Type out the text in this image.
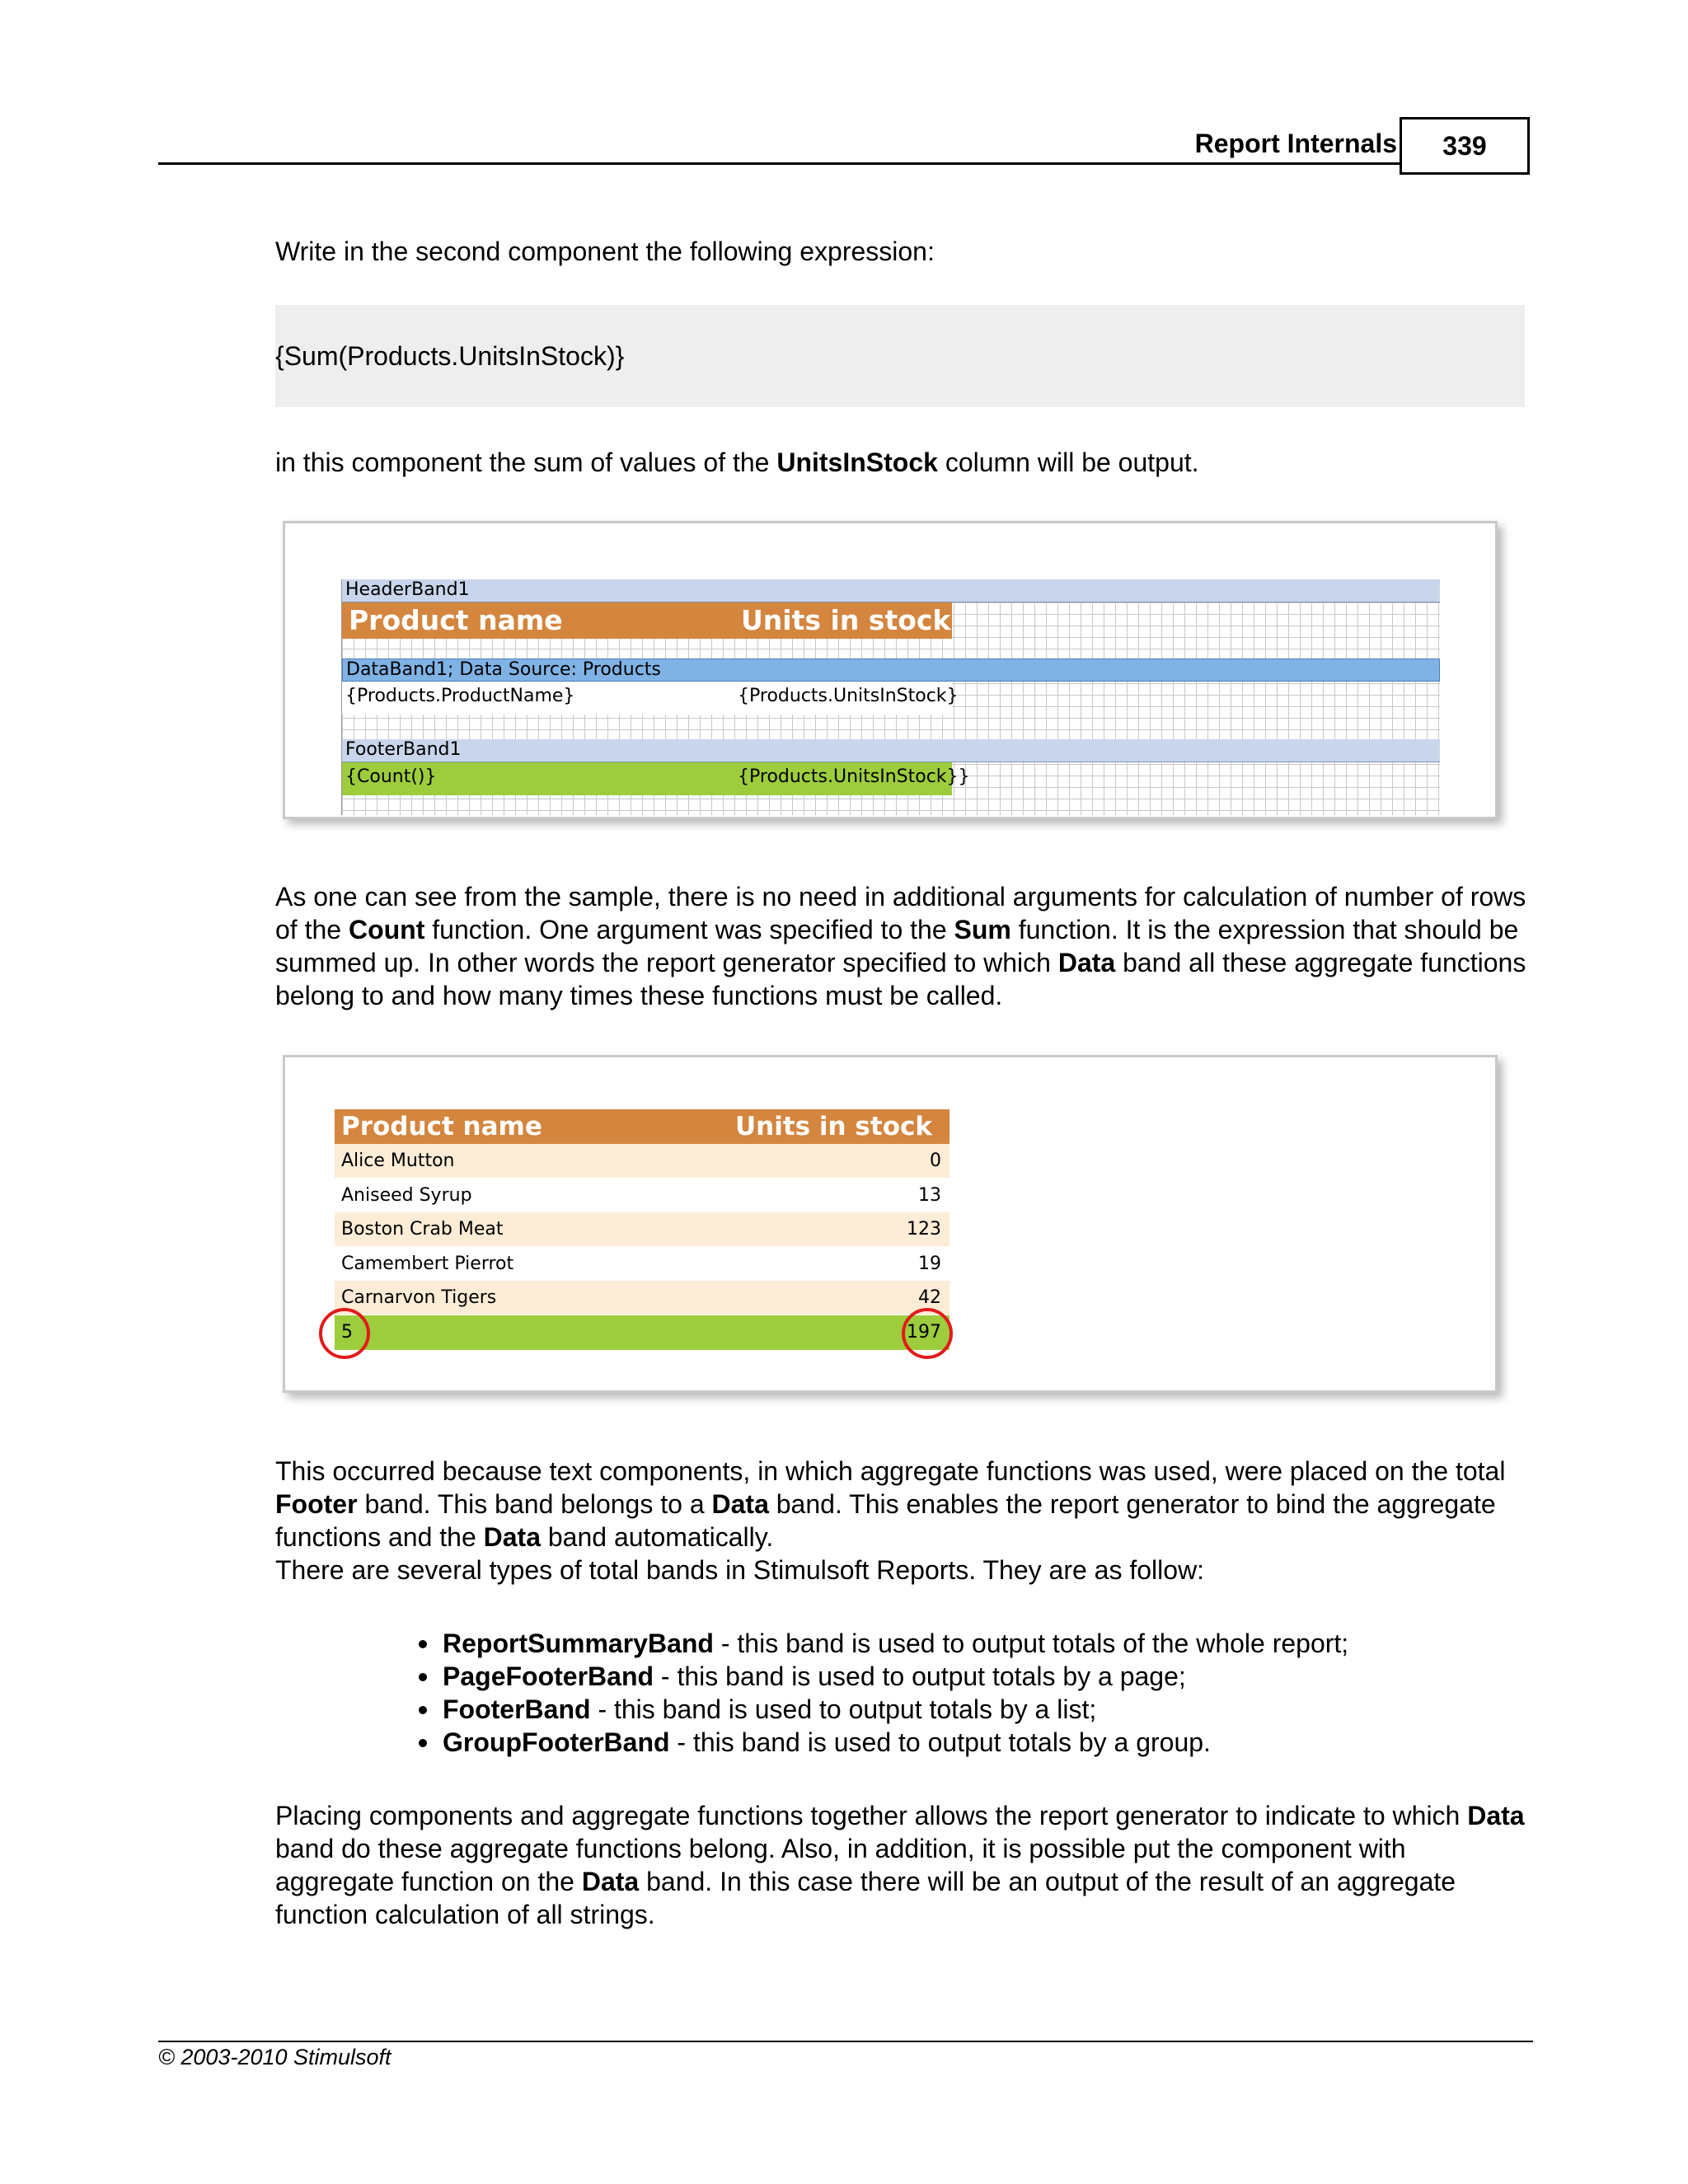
Report Internals	339
Write in the second component the following expression:
{Sum(Products.UnitsInStock)}
in this component the sum of values of the UnitsInStock column will be output.
HeaderBand1
Product name	Units in stock
DataBand1; Data Source: Products
{Products.ProductName}	{Products.UnitsInStock}
FooterBand1
{Count()}	{Products.UnitsInStock}}
As one can see from the sample, there is no need in additional arguments for calculation of number of rows of the Count function. One argument was specified to the Sum function. It is the expression that should be summed up. In other words the report generator specified to which Data band all these aggregate functions belong to and how many times these functions must be called.
Product name	Units in stock
Alice Mutton	0
Aniseed Syrup	13
Boston Crab Meat	123
Camembert Pierrot	19
Carnarvon Tigers	42
5	197
This occurred because text components, in which aggregate functions was used, were placed on the total Footer band. This band belongs to a Data band. This enables the report generator to bind the aggregate functions and the Data band automatically.
There are several types of total bands in Stimulsoft Reports. They are as follow:
ReportSummaryBand - this band is used to output totals of the whole report;
PageFooterBand - this band is used to output totals by a page;
FooterBand - this band is used to output totals by a list;
GroupFooterBand - this band is used to output totals by a group.
Placing components and aggregate functions together allows the report generator to indicate to which Data band do these aggregate functions belong. Also, in addition, it is possible put the component with aggregate function on the Data band. In this case there will be an output of the result of an aggregate function calculation of all strings.
© 2003-2010 Stimulsoft
